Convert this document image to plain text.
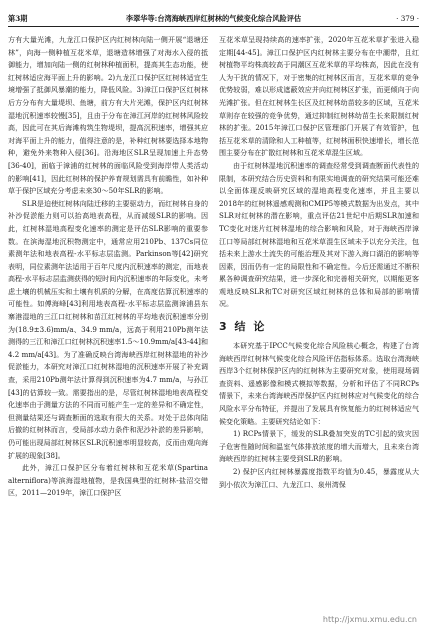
第3期	李翠华等:台湾海峡西岸红树林的气候变化综合风险评估	· 379 ·

方有大量光滩，九龙江口保护区内红树林向陆一侧开展“退塘还林”，向海一侧种植互花米草，退塘造林增强了对海水入侵的抵御能力，增加向陆一侧的红树林种植面积，提高其生态功能，使红树林适应海平面上升的影响。2)九龙江口保护区红树林适宜生境增强了抵御风暴潮的能力，降低风险。3)漳江口保护区红树林后方分布有大量堤坝、鱼塘，前方有大片光滩，保护区内红树林湿地沉积速率较慢[35]，且由于分布在漳江河岸的红树林风险较高，因此可在其后海滩构筑生物堤坝，提高沉积速率，增强其应对海平面上升的能力，值得注意的是，补种红树林要选择本地物种，避免外来物种入侵[36]。沿海地区SLR呈现加速上升态势[36-40]，面临于漳浦的红树林的面临风险受到海岸带人类活动的影响[41]，因此红树林的保护养育规划需具有前瞻性，如补种草于保护区域充分考虑未来30～50年SLR的影响。

SLR是迫使红树林向陆迁移的主要驱动力，而红树林自身的补沙促淤能力则可以抬高地表高程，从而减缓SLR的影响。因此，红树林湿地高程变化速率的测定是评估SLR影响的重要参数。在滨海湿地沉积物测定中，通常应用210Pb、137Cs同位素测年法和地表高程-水平标志层监测。Parkinson等[42]研究表明，同位素测年法适用于百年尺度内沉积速率的测定，而地表高程-水平标志层监测获得的短时间内沉积速率的年际变化，未考虑土壤的机械压实和土壤有机质的分解，在高度估算沉积速率的可能性。如傅海峰[43]利用地表高程-水平标志层监测漳浦县东寨港湿地的三江口红树林和苗江红树林的平均地表沉积速率分别为(18.9±3.6)mm/a、34.9 mm/a，远高于利用210Pb测年法测得的三江和漳江口红树林沉积速率1.5～10.9mm/a[43-44]和4.2 mm/a[43]。为了准确反映台湾海峡西岸红树林湿地的补沙促淤能力，本研究对漳江口红树林湿地的沉积速率开展了补充调查，采用210Pb测年法计算得到沉积速率为4.7 mm/a，与孙江[43]的估算较一致。需要指出的是，尽管红树林湿地地表高程变化速率由于测量方法的不同而可能产生一定的差异和不确定性，但测量结果还与调查断面的选取有很大的关系。对处于总体向陆后撤的红树林而言，受局部水动力条件和泥沙补淤的差异影响，仍可能出现局部红树林区SLR沉积速率明显较高，反而由观向海扩展的现象[38]。

此外，漳江口保护区分布着红树林和互花米草(Spartina alterniflora)等滨海湿地植物，是我国典型的红树林-盐沼交错区，2011—2019年，漳江口保护区

互花米草呈现持续高的速率扩张，2020年互花米草扩张进入稳定期[44-45]。漳江口保护区内红树林主要分布在中潮带，且红树植物平均株高较高于同潮区互花米草的平均株高，因此在没有人为干扰的情况下，对于密集的红树林区而言，互花米草的竞争优势较弱，难以形成遮蔽效应并向红树林区扩张，而更倾向于向光滩扩张。但在红树林生长区及红树林幼苗较多的区域，互花米草则存在较强的竞争优势，通过抑制红树林幼苗生长来限制红树林的扩张。2015年漳江口保护区管理部门开展了有效管护，包括互花米草的清除和人工种植等，红树林面积快速增长，增长范围主要分布在扩散红树林和互花米草混生区域。

由于红树林湿地沉积速率的调查经常受到调查断面代表性的限制，本研究结合历史资料和有限实地调查的研究结果可能还难以全面体现反映研究区域的湿地高程变化速率，并且主要以2018年的红树林遥感观测和CMIP5等模式数据为出发点，其中SLR对红树林的潜在影响，重点评估21世纪中后期SLR加速和TC变化对迷片红树林湿地的综合影响和风险，对于海峡西岸漳江口等局部红树林湿地和互花米草混生区域未予以充分关注，包括未来上游水土流失的可能治理及其对下游入海口湖泊的影响等因素，因而仍有一定的局限性和不确定性。今后还需通过不断积累各种调查研究结果，进一步深化和完善相关研究，以期能更客观地反映SLR和TC对研究区域红树林的总体和局部的影响情况。

3 结 论

本研究基于IPCC气候变化综合风险核心概念，构建了台湾海峡西岸红树林气候变化综合风险评估指标体系。选取台湾海峡西岸3个红树林保护区内的红树林为主要研究对象，使用现场调查资料、遥感影像和模式模拟等数据，分析和评估了不同RCPs情景下，未来台湾海峡西岸保护区内红树林应对气候变化的综合风险水平分布特征，并提出了发展具有恢复能力的红树林适应气候变化策略。主要研究结论如下：

1) RCPs情景下，缓发的SLR叠加突发的TC引起的致灾因子危害性随时间和温室气体排放浓度的增大而增大，且未来台湾海峡西岸的红树林主要受到SLR的影响。

2) 保护区内红树林暴露度指数平均值为0.45，暴露度从大到小依次为漳江口、九龙江口、泉州湾保

http://jxmu.xmu.edu.cn
